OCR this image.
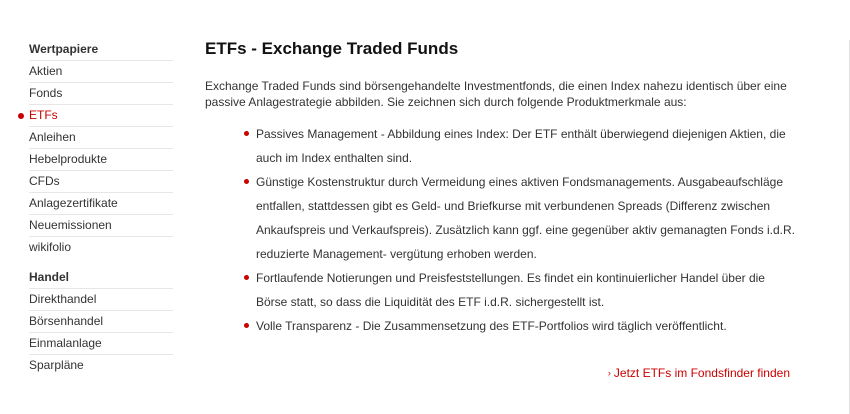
Wertpapiere
Aktien
Fonds
ETFs
Anleihen
Hebelprodukte
CFDs
Anlagezertifikate
Neuemissionen
wikifolio
Handel
Direkthandel
Börsenhandel
Einmalanlage
Sparpläne
ETFs - Exchange Traded Funds

Exchange Traded Funds sind börsengehandelte Investmentfonds, die einen Index nahezu identisch über eine passive Anlagestrategie abbilden. Sie zeichnen sich durch folgende Produktmerkmale aus:

Passives Management - Abbildung eines Index: Der ETF enthält überwiegend diejenigen Aktien, die auch im Index enthalten sind.
Günstige Kostenstruktur durch Vermeidung eines aktiven Fondsmanagements. Ausgabeaufschläge entfallen, stattdessen gibt es Geld- und Briefkurse mit verbundenen Spreads (Differenz zwischen Ankaufspreis und Verkaufspreis). Zusätzlich kann ggf. eine gegenüber aktiv gemanagten Fonds i.d.R. reduzierte Management- vergütung erhoben werden.
Fortlaufende Notierungen und Preisfeststellungen. Es findet ein kontinuierlicher Handel über die Börse statt, so dass die Liquidität des ETF i.d.R. sichergestellt ist.
Volle Transparenz - Die Zusammensetzung des ETF-Portfolios wird täglich veröffentlicht.
› Jetzt ETFs im Fondsfinder finden
